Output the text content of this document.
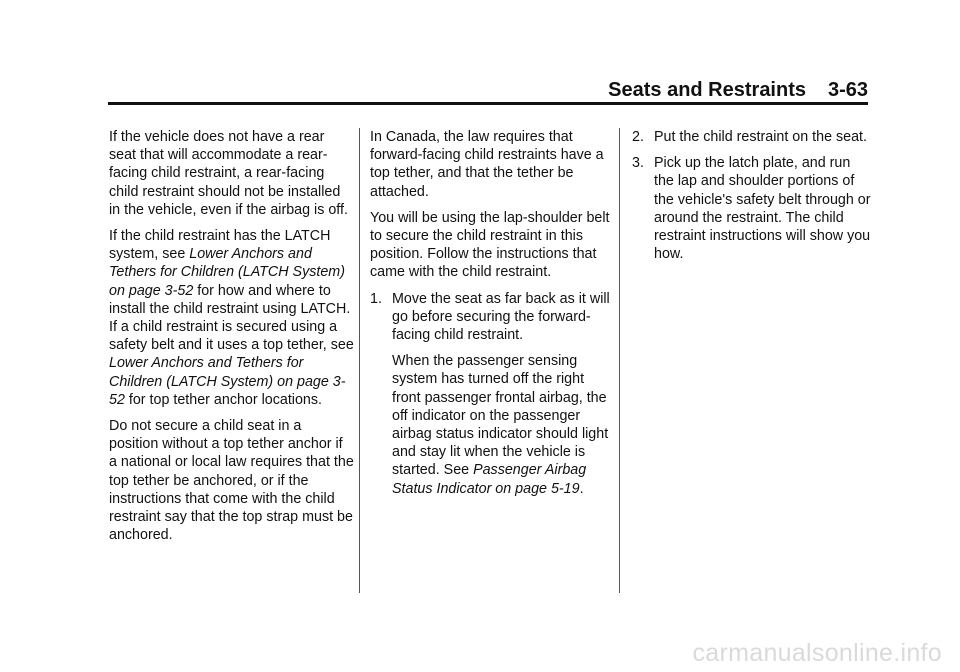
Seats and Restraints 3-63

If the vehicle does not have a rear seat that will accommodate a rear-facing child restraint, a rear-facing child restraint should not be installed in the vehicle, even if the airbag is off.

If the child restraint has the LATCH system, see Lower Anchors and Tethers for Children (LATCH System) on page 3-52 for how and where to install the child restraint using LATCH. If a child restraint is secured using a safety belt and it uses a top tether, see Lower Anchors and Tethers for Children (LATCH System) on page 3-52 for top tether anchor locations.

Do not secure a child seat in a position without a top tether anchor if a national or local law requires that the top tether be anchored, or if the instructions that come with the child restraint say that the top strap must be anchored.

In Canada, the law requires that forward-facing child restraints have a top tether, and that the tether be attached.

You will be using the lap-shoulder belt to secure the child restraint in this position. Follow the instructions that came with the child restraint.

1. Move the seat as far back as it will go before securing the forward-facing child restraint.
When the passenger sensing system has turned off the right front passenger frontal airbag, the off indicator on the passenger airbag status indicator should light and stay lit when the vehicle is started. See Passenger Airbag Status Indicator on page 5-19.
2. Put the child restraint on the seat.
3. Pick up the latch plate, and run the lap and shoulder portions of the vehicle's safety belt through or around the restraint. The child restraint instructions will show you how.
carmanualsonline.info
